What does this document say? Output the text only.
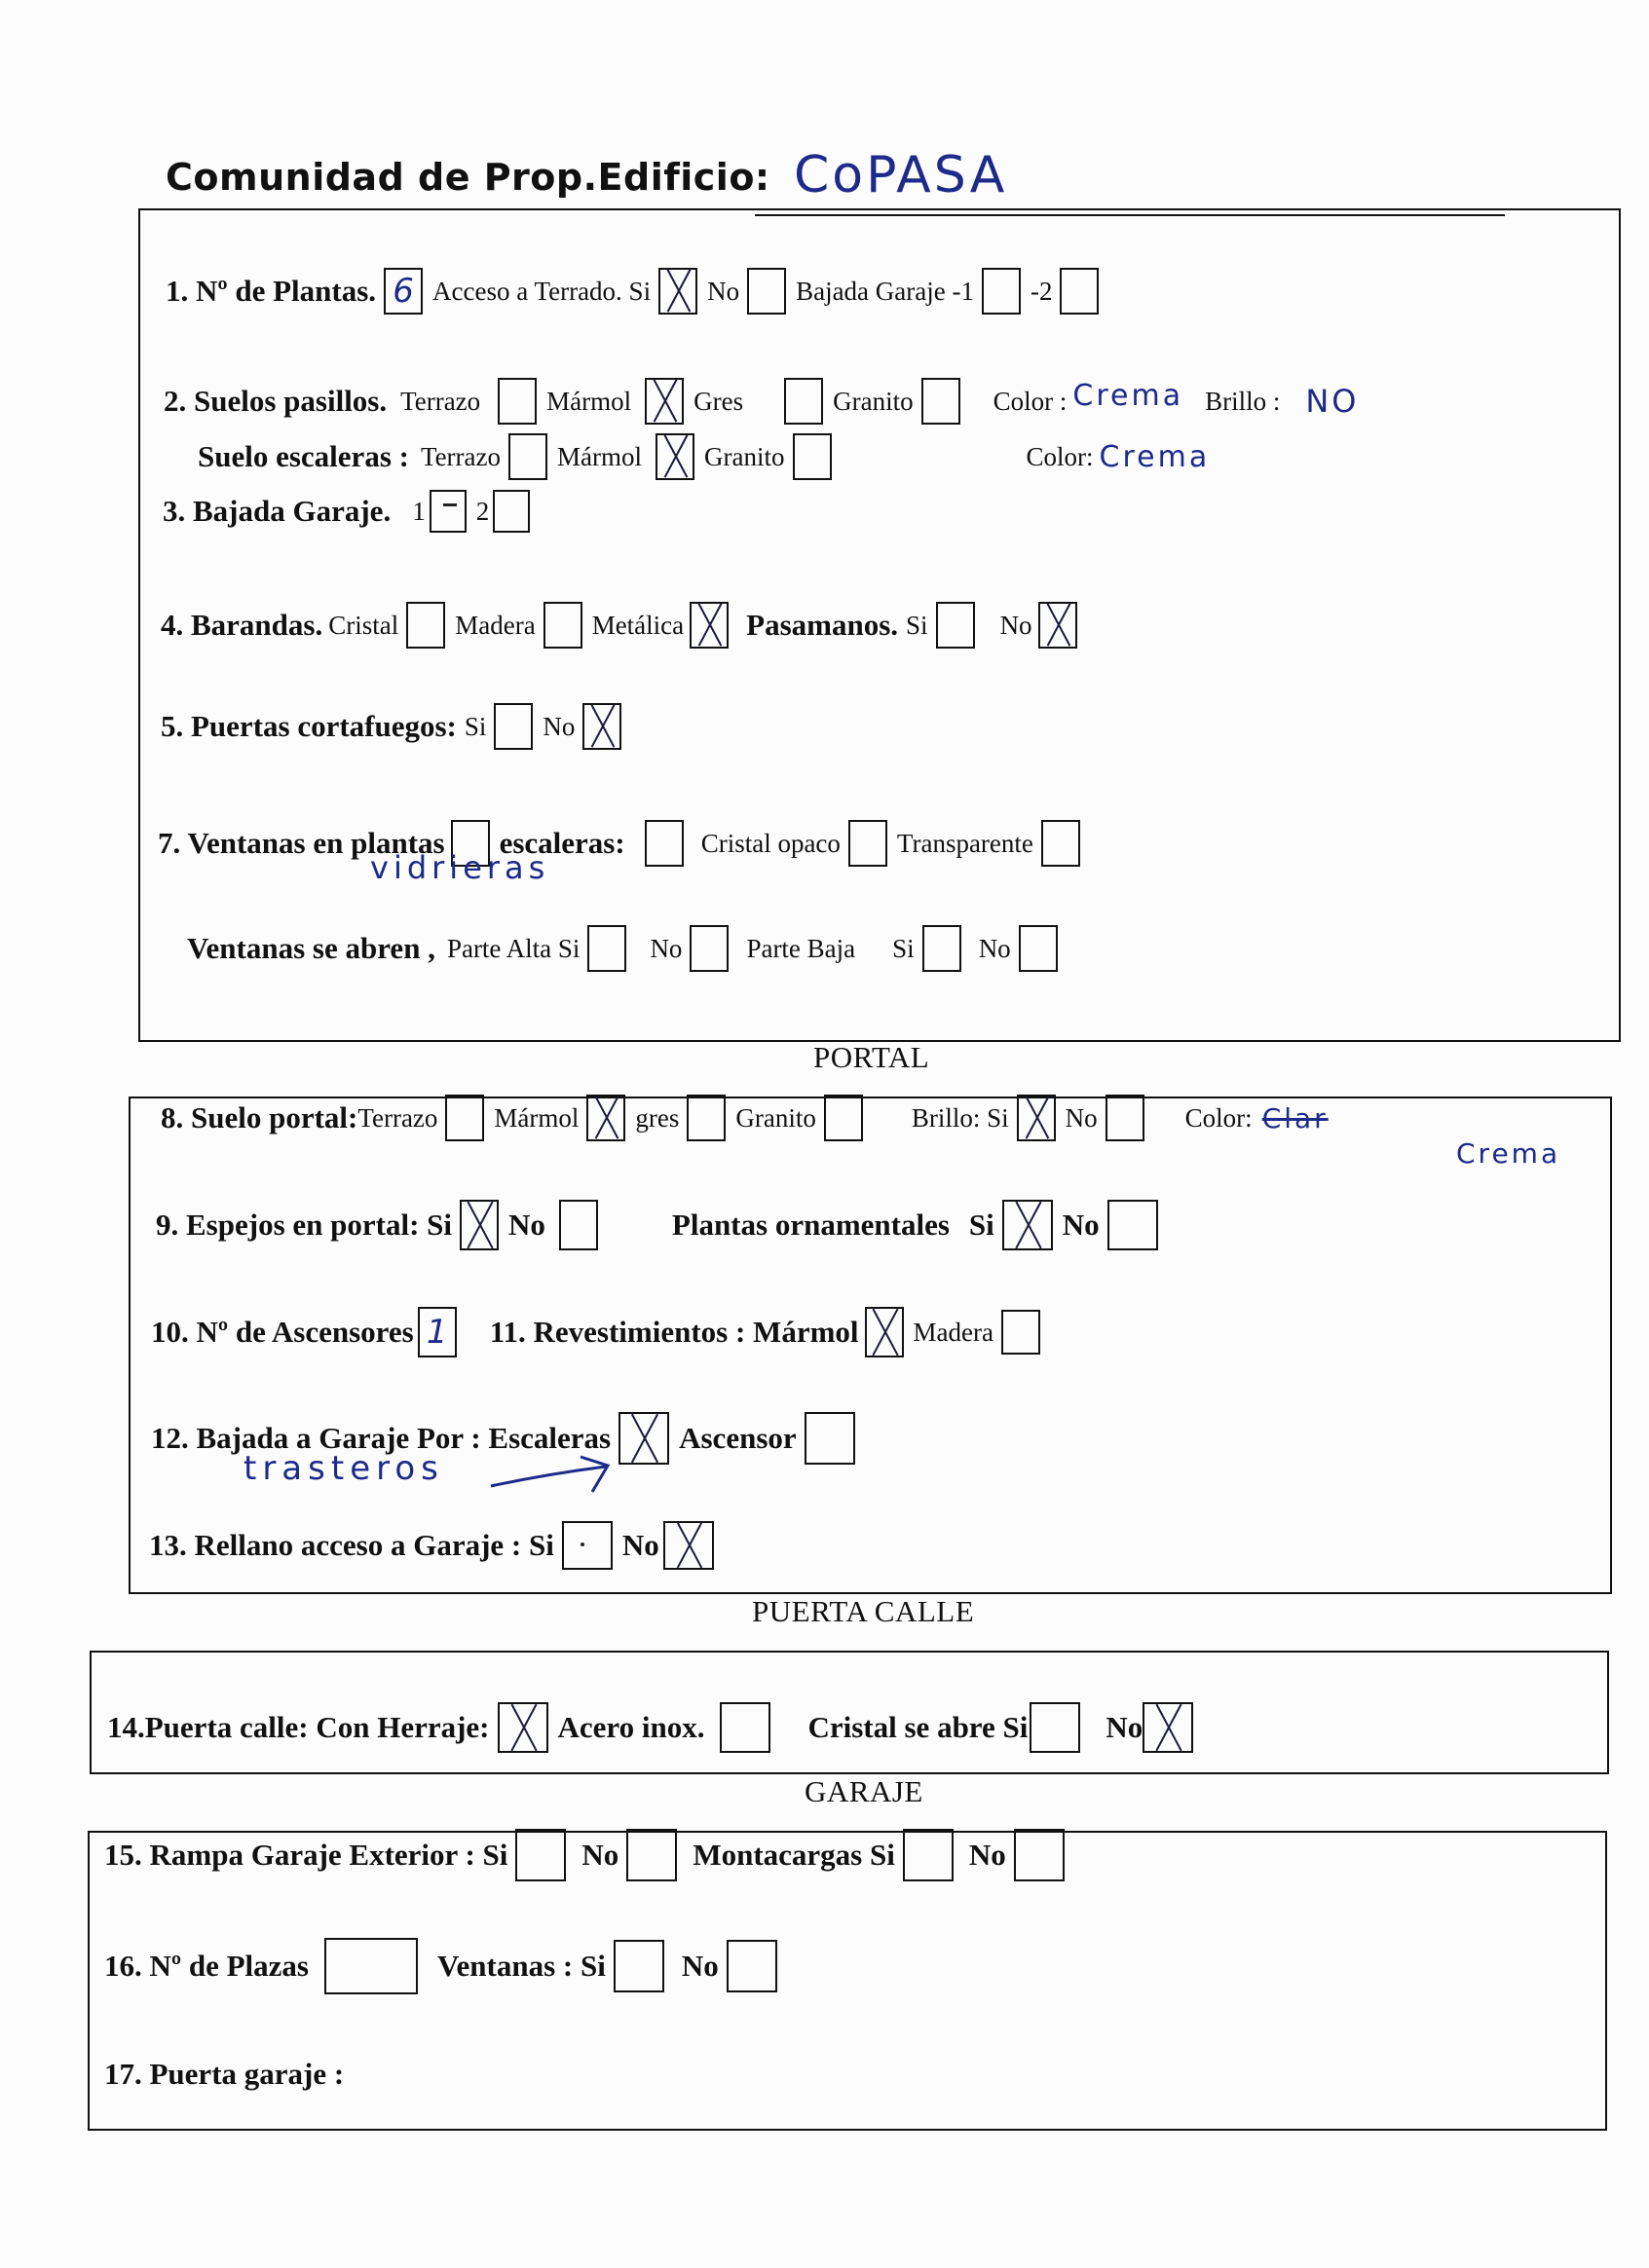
Comunidad de Prop.Edificio: CoPASA
1. Nº de Plantas. 6 Acceso a Terrado. Si No Bajada Garaje -1 -2
2. Suelos pasillos. Terrazo	Mármol Gres	Granito	Color : Crema Brillo : NO
Suelo escaleras : Terrazo Mármol Granito	Color: Crema
3. Bajada Garaje. 1 2
4. Barandas. Cristal Madera Metálica Pasamanos. Si	No
5. Puertas cortafuegos: Si No
7. Ventanas en plantas escaleras:	Cristal opaco Transparente
vidrieras
Ventanas se abren , Parte Alta Si	No Parte Baja Si No
PORTAL
8. Suelo portal: Terrazo Mármol gres Granito	Brillo: Si No	Color: Clar
Crema
9. Espejos en portal: Si No	Plantas ornamentales Si No
10. Nº de Ascensores 1 11. Revestimientos : Mármol Madera
12. Bajada a Garaje Por : Escaleras Ascensor
trasteros
13. Rellano acceso a Garaje : Si No
PUERTA CALLE
14.Puerta calle: Con Herraje: Acero inox.	Cristal se abre Si	No
GARAJE
15. Rampa Garaje Exterior : Si No Montacargas Si No
16. Nº de Plazas	Ventanas : Si	No
17. Puerta garaje :
